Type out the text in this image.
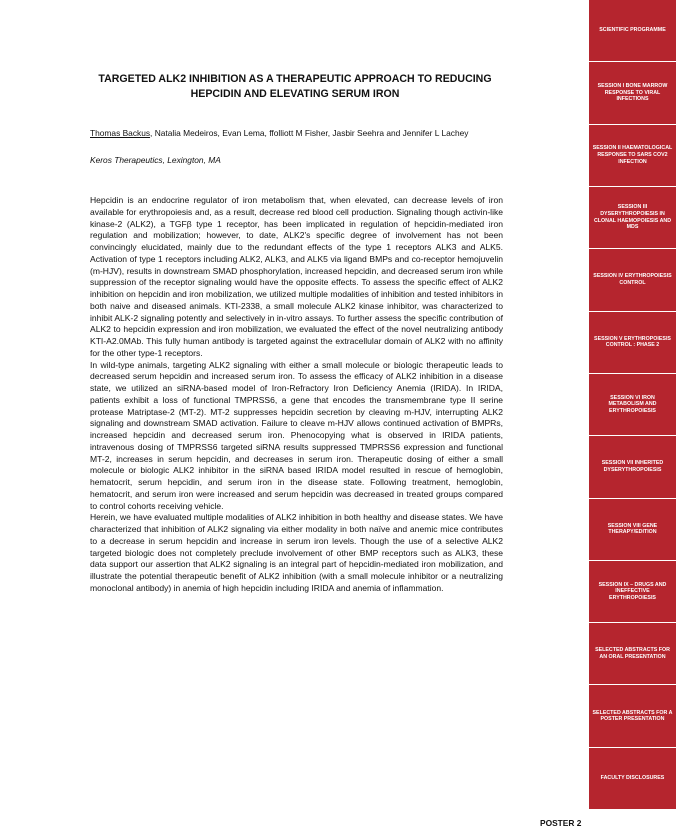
TARGETED ALK2 INHIBITION AS A THERAPEUTIC APPROACH TO REDUCING HEPCIDIN AND ELEVATING SERUM IRON
Thomas Backus, Natalia Medeiros, Evan Lema, ffolliott M Fisher, Jasbir Seehra and Jennifer L Lachey
Keros Therapeutics, Lexington, MA

Hepcidin is an endocrine regulator of iron metabolism that, when elevated, can decrease levels of iron available for erythropoiesis and, as a result, decrease red blood cell production. Signaling though activin-like kinase-2 (ALK2), a TGFβ type 1 receptor, has been implicated in regulation of hepcidin-mediated iron regulation and mobilization; however, to date, ALK2's specific degree of involvement has not been convincingly elucidated, mainly due to the redundant effects of the type 1 receptors ALK3 and ALK5. Activation of type 1 receptors including ALK2, ALK3, and ALK5 via ligand BMPs and co-receptor hemojuvelin (m-HJV), results in downstream SMAD phosphorylation, increased hepcidin, and decreased serum iron while suppression of the receptor signaling would have the opposite effects. To assess the specific effect of ALK2 inhibition on hepcidin and iron mobilization, we utilized multiple modalities of inhibition and tested inhibitors in both naive and diseased animals. KTI-2338, a small molecule ALK2 kinase inhibitor, was characterized to inhibit ALK-2 signaling potently and selectively in in-vitro assays. To further assess the specific contribution of ALK2 to hepcidin expression and iron mobilization, we evaluated the effect of the novel neutralizing antibody KTI-A2.0MAb. This fully human antibody is targeted against the extracellular domain of ALK2 with no affinity for the other type-1 receptors.

In wild-type animals, targeting ALK2 signaling with either a small molecule or biologic therapeutic leads to decreased serum hepcidin and increased serum iron. To assess the efficacy of ALK2 inhibition in a disease state, we utilized an siRNA-based model of Iron-Refractory Iron Deficiency Anemia (IRIDA). In IRIDA, patients exhibit a loss of functional TMPRSS6, a gene that encodes the transmembrane type II serine protease Matriptase-2 (MT-2). MT-2 suppresses hepcidin secretion by cleaving m-HJV, interrupting ALK2 signaling and downstream SMAD activation. Failure to cleave m-HJV allows continued activation of BMPRs, increased hepcidin and decreased serum iron. Phenocopying what is observed in IRIDA patients, intravenous dosing of TMPRSS6 targeted siRNA results suppressed TMPRSS6 expression and functional MT-2, increases in serum hepcidin, and decreases in serum iron. Therapeutic dosing of either a small molecule or biologic ALK2 inhibitor in the siRNA based IRIDA model resulted in rescue of hemoglobin, hematocrit, serum hepcidin, and serum iron in the disease state. Following treatment, hemoglobin, hematocrit, and serum iron were increased and serum hepcidin was decreased in treated groups compared to control cohorts receiving vehicle.

Herein, we have evaluated multiple modalities of ALK2 inhibition in both healthy and disease states. We have characterized that inhibition of ALK2 signaling via either modality in both naïve and anemic mice contributes to a decrease in serum hepcidin and increase in serum iron levels. Though the use of a selective ALK2 targeted biologic does not completely preclude involvement of other BMP receptors such as ALK3, these data support our assertion that ALK2 signaling is an integral part of hepcidin-mediated iron mobilization, and illustrate the potential therapeutic benefit of ALK2 inhibition (with a small molecule inhibitor or a neutralizing monoclonal antibody) in anemia of high hepcidin including IRIDA and anemia of inflammation.

SCIENTIFIC PROGRAMME
SESSION I BONE MARROW RESPONSE TO VIRAL INFECTIONS
SESSION II HAEMATOLOGICAL RESPONSE TO SARS COV2 INFECTION
SESSION III DYSERYTHROPOIESIS IN CLONAL HAEMOPOIESIS AND MDS
SESSION IV ERYTHROPOIESIS CONTROL
SESSION V ERYTHROPOIESIS CONTROL : PHASE 2
SESSION VI IRON METABOLISM AND ERYTHROPOIESIS
SESSION VII INHERITED DYSERYTHROPOIESIS
SESSION VIII GENE THERAPY/EDITION
SESSION IX – DRUGS AND INEFFECTIVE ERYTHROPOIESIS
SELECTED ABSTRACTS FOR AN ORAL PRESENTATION
SELECTED ABSTRACTS FOR A POSTER PRESENTATION
FACULTY DISCLOSURES
POSTER 2
